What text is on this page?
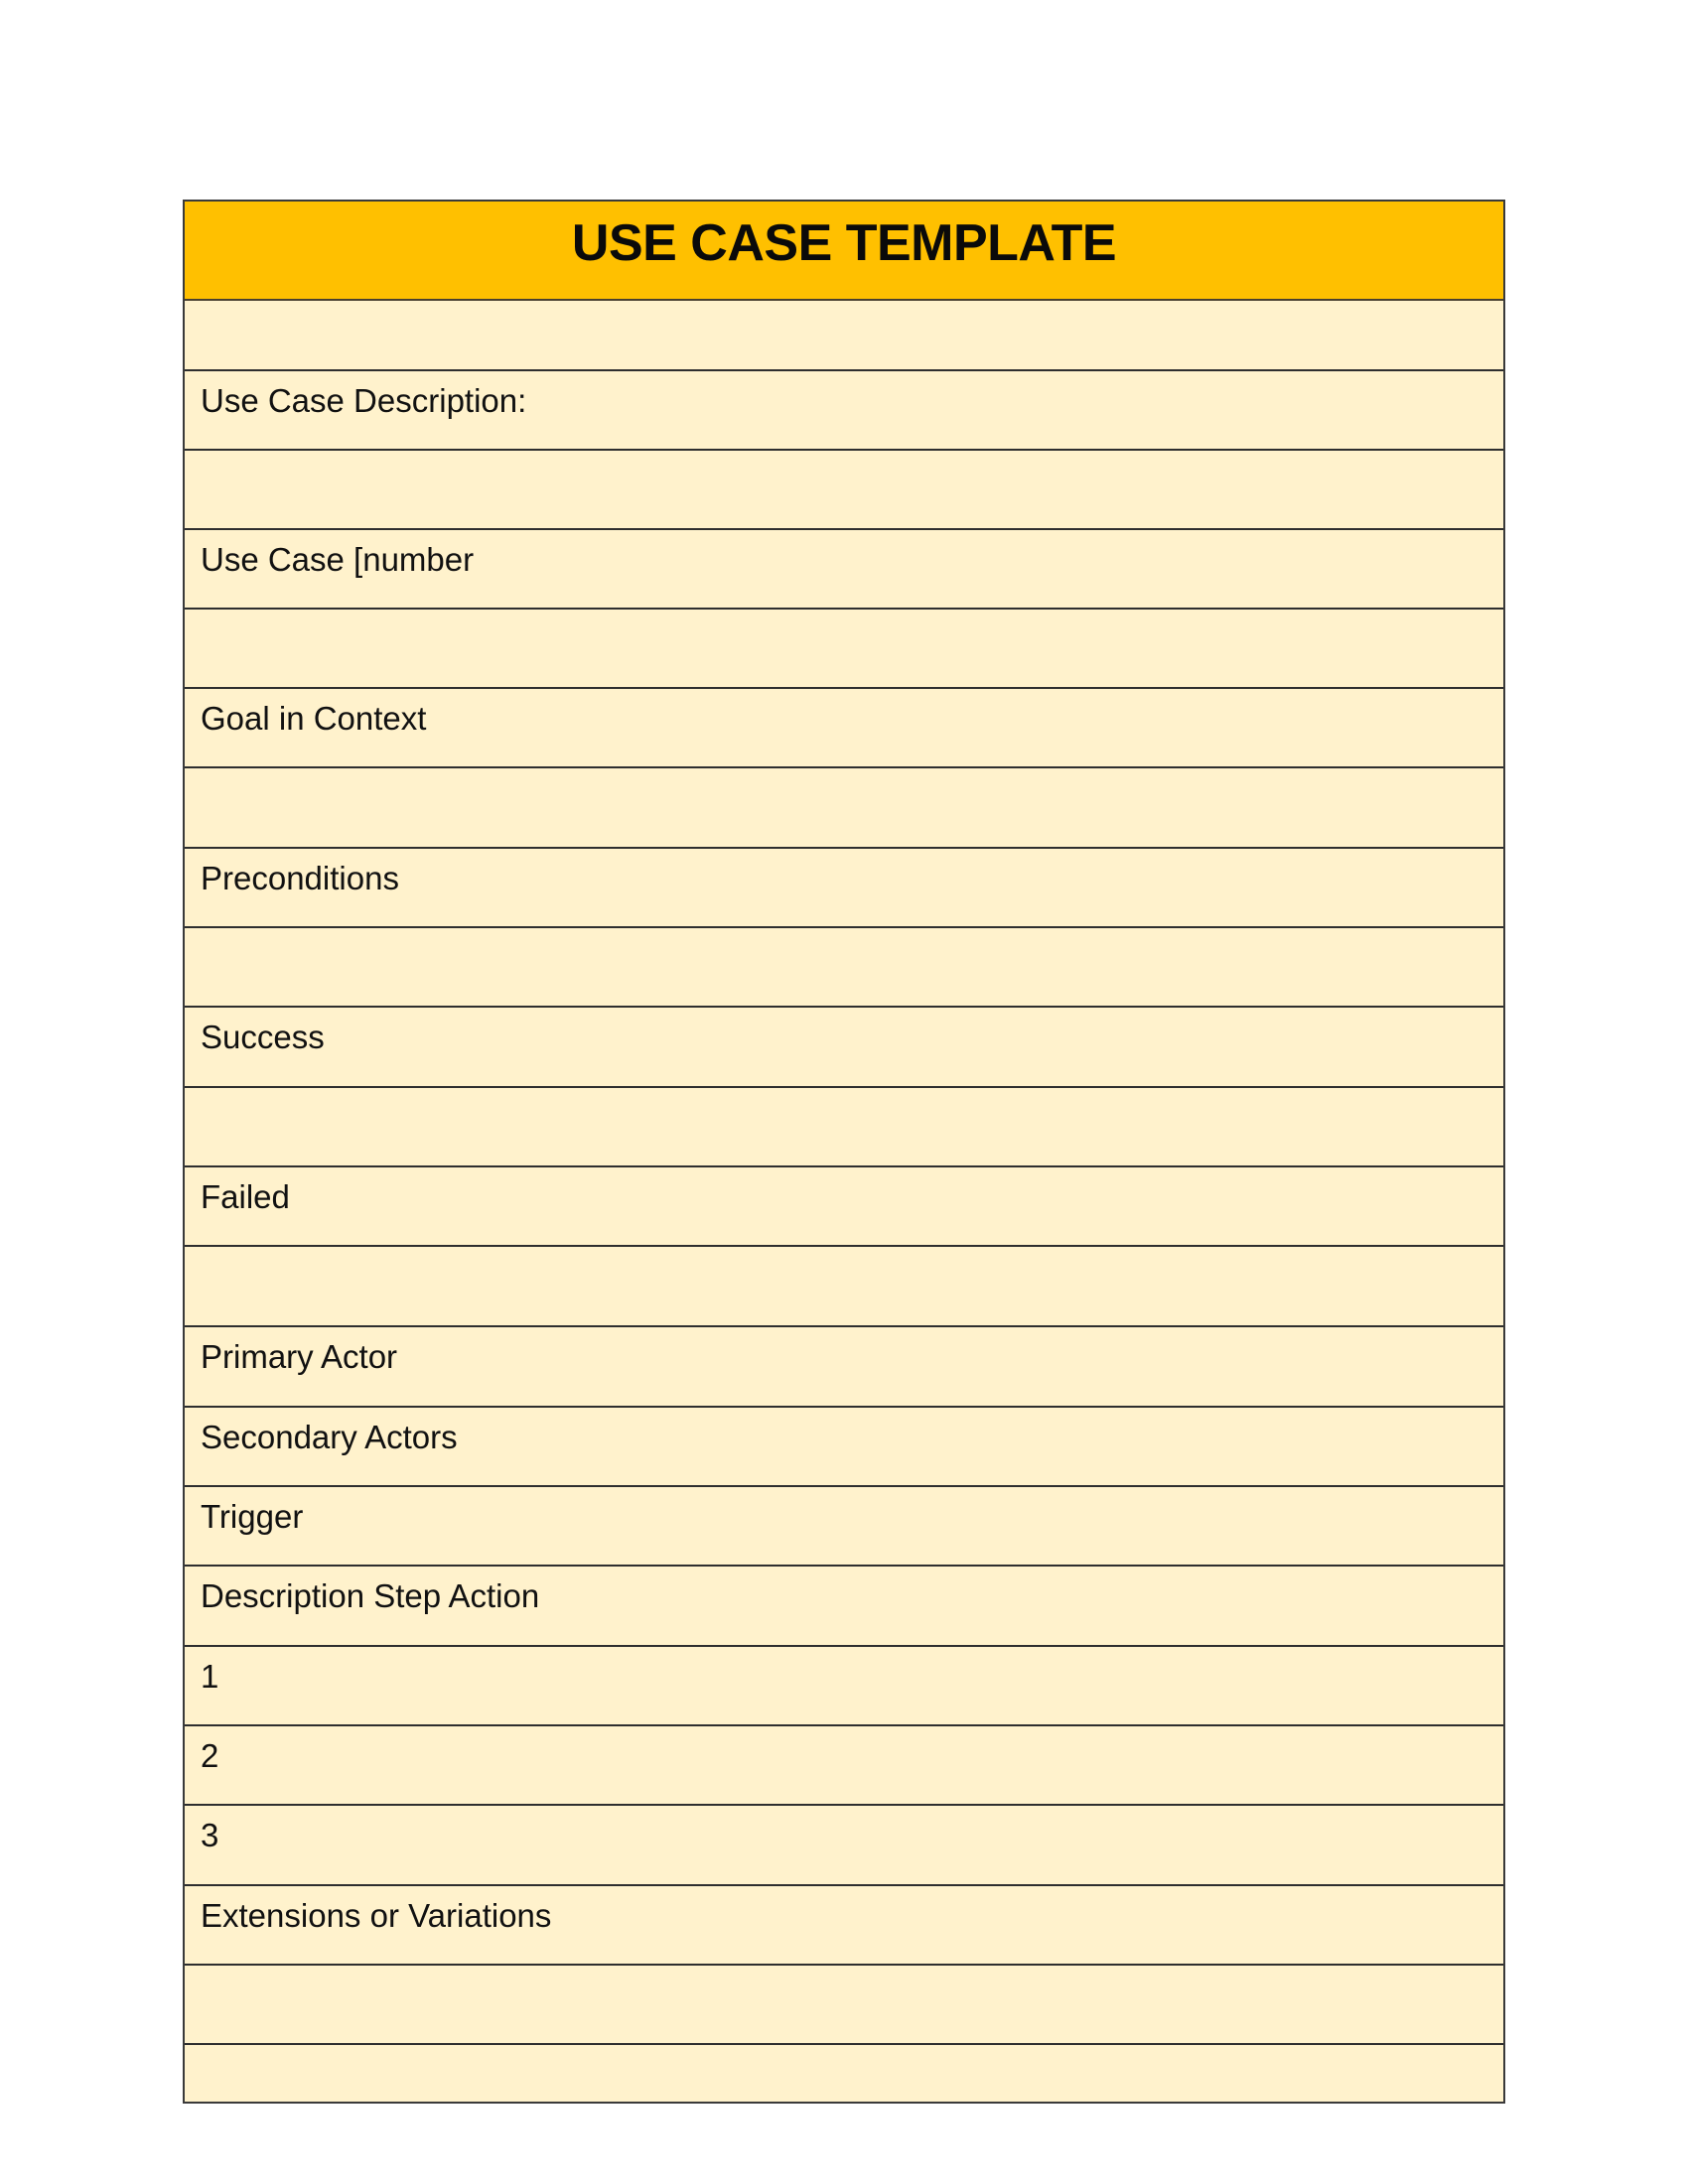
USE CASE TEMPLATE
Use Case Description:
Use Case [number
Goal in Context
Preconditions
Success
Failed
Primary Actor
Secondary Actors
Trigger
Description Step Action
1
2
3
Extensions or Variations
